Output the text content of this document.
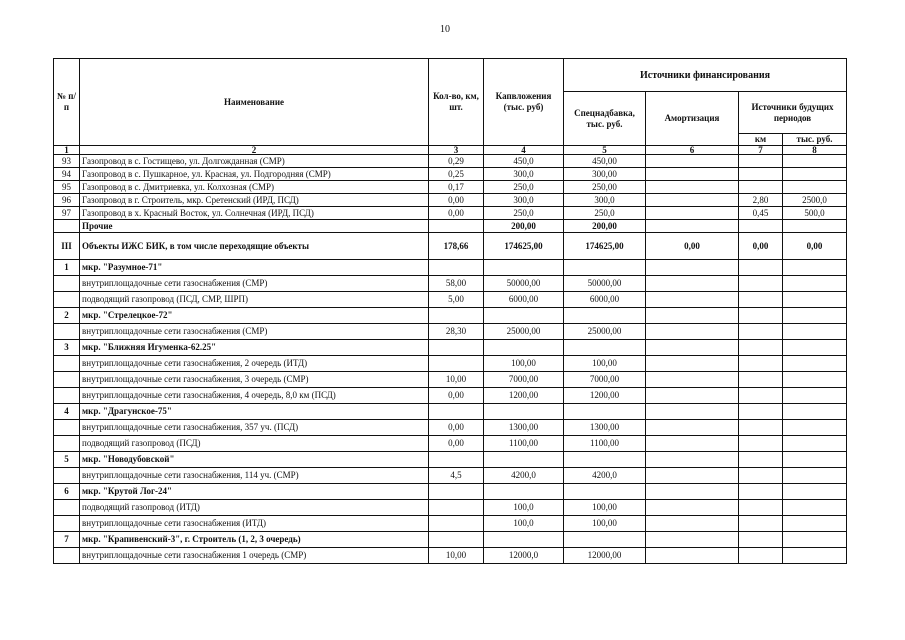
10
№ п/п	Наименование	Кол-во, км, шт.	Капвложения (тыс. руб)	Источники финансирования			
				Спецнадбавка, тыс. руб.	Амортизация	Источники будущих периодов	
						км	тыс. руб.
1	2	3	4	5	6	7	8
93	Газопровод в с. Гостищево, ул. Долгожданная (СМР)	0,29	450,0	450,00			
94	Газопровод в с. Пушкарное, ул. Красная, ул. Подгородняя (СМР)	0,25	300,0	300,00			
95	Газопровод в с. Дмитриевка, ул. Колхозная (СМР)	0,17	250,0	250,00			
96	Газопровод в г. Строитель, мкр. Сретенский (ИРД, ПСД)	0,00	300,0	300,0		2,80	2500,0
97	Газопровод в х. Красный Восток, ул. Солнечная (ИРД, ПСД)	0,00	250,0	250,0		0,45	500,0
	Прочие		200,00	200,00			
III	Объекты ИЖС БИК, в том числе переходящие объекты	178,66	174625,00	174625,00	0,00	0,00	0,00
1	мкр. "Разумное-71"						
	внутриплощадочные сети газоснабжения (СМР)	58,00	50000,00	50000,00			
	подводящий газопровод (ПСД, СМР, ШРП)	5,00	6000,00	6000,00			
2	мкр. "Стрелецкое-72"						
	внутриплощадочные сети газоснабжения (СМР)	28,30	25000,00	25000,00			
3	мкр. "Ближняя Игуменка-62.25"						
	внутриплощадочные сети газоснабжения, 2 очередь (ИТД)		100,00	100,00			
	внутриплощадочные сети газоснабжения, 3 очередь (СМР)	10,00	7000,00	7000,00			
	внутриплощадочные сети газоснабжения, 4 очередь, 8,0 км (ПСД)	0,00	1200,00	1200,00			
4	мкр. "Драгунское-75"						
	внутриплощадочные сети газоснабжения, 357 уч. (ПСД)	0,00	1300,00	1300,00			
	подводящий газопровод (ПСД)	0,00	1100,00	1100,00			
5	мкр. "Новодубовской"						
	внутриплощадочные сети газоснабжения, 114 уч. (СМР)	4,5	4200,0	4200,0			
6	мкр. "Крутой Лог-24"						
	подводящий газопровод (ИТД)		100,0	100,00			
	внутриплощадочные сети газоснабжения (ИТД)		100,0	100,00			
7	мкр. "Крапивенский-3", г. Строитель (1, 2, 3 очередь)						
	внутриплощадочные сети газоснабжения 1 очередь (СМР)	10,00	12000,0	12000,00			
